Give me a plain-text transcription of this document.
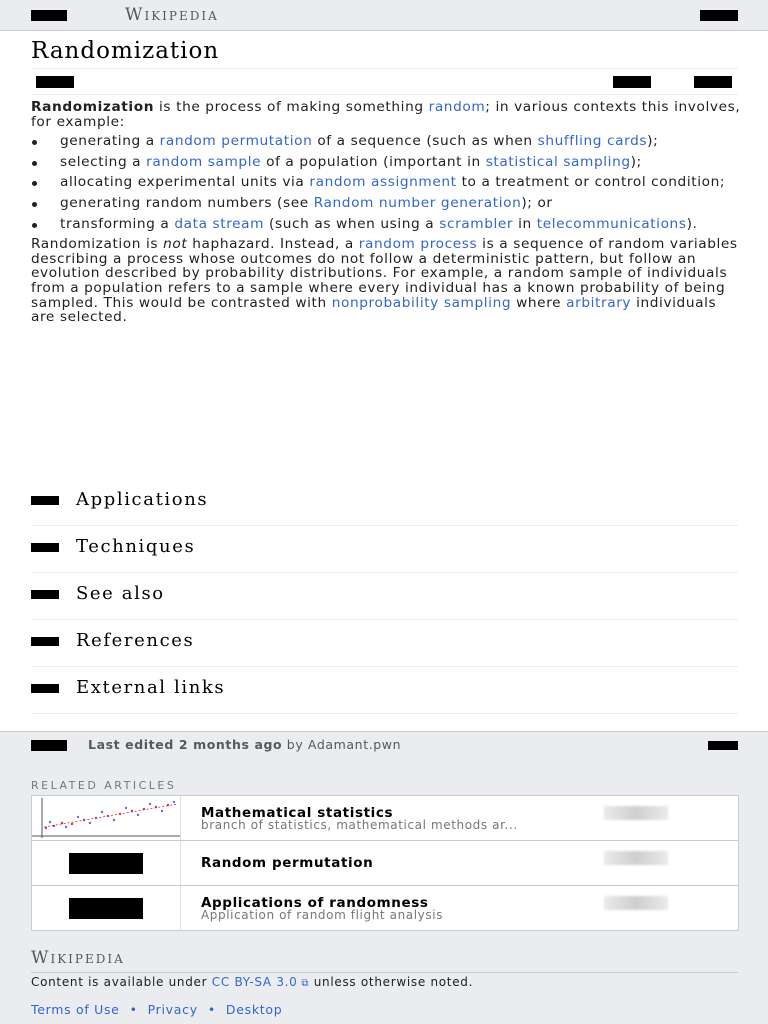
Wikipedia
Randomization

Randomization is the process of making something random; in various contexts this involves, for example:

generating a random permutation of a sequence (such as when shuffling cards);
selecting a random sample of a population (important in statistical sampling);
allocating experimental units via random assignment to a treatment or control condition;
generating random numbers (see Random number generation); or
transforming a data stream (such as when using a scrambler in telecommunications).

Randomization is not haphazard. Instead, a random process is a sequence of random variables describing a process whose outcomes do not follow a deterministic pattern, but follow an evolution described by probability distributions. For example, a random sample of individuals from a population refers to a sample where every individual has a known probability of being sampled. This would be contrasted with nonprobability sampling where arbitrary individuals are selected.

Applications
Techniques
See also
References
External links
Last edited 2 months ago by Adamant.pwn
RELATED ARTICLES
Mathematical statistics
branch of statistics, mathematical methods ar...
Random permutation
Applications of randomness
Application of random flight analysis
Wikipedia
Content is available under CC BY-SA 3.0 ⧉ unless otherwise noted.
Terms of Use • Privacy • Desktop
